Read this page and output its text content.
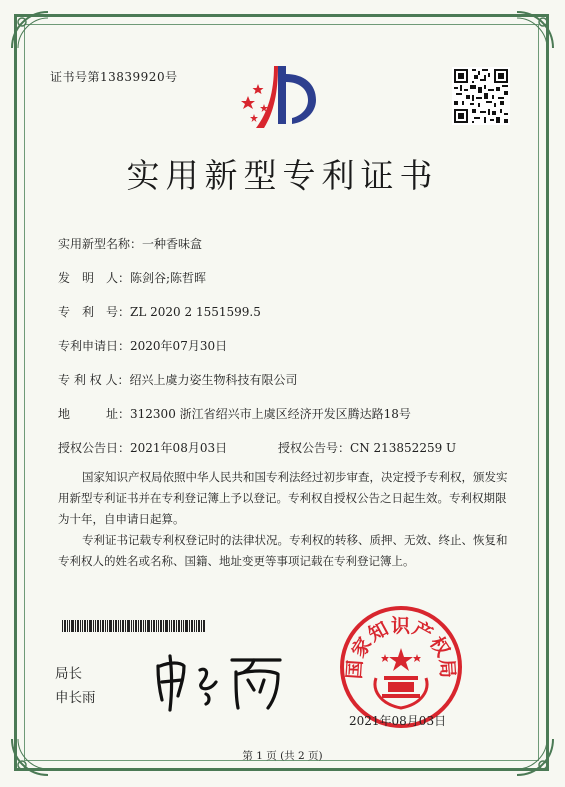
证书号第13839920号
实用新型专利证书
实用新型名称：一种香味盒
发　明　人：陈剑谷;陈哲晖
专　利　号：ZL 2020 2 1551599.5
专利申请日：2020年07月30日
专 利 权 人：绍兴上虞力姿生物科技有限公司
地　　　址：312300 浙江省绍兴市上虞区经济开发区腾达路18号
授权公告日：2021年08月03日	授权公告号：CN 213852259 U

国家知识产权局依照中华人民共和国专利法经过初步审查，决定授予专利权，颁发实用新型专利证书并在专利登记簿上予以登记。专利权自授权公告之日起生效。专利权期限为十年，自申请日起算。

专利证书记载专利权登记时的法律状况。专利权的转移、质押、无效、终止、恢复和专利权人的姓名或名称、国籍、地址变更等事项记载在专利登记簿上。

局长
申长雨
国家知识产权局
2021年08月03日
第 1 页 (共 2 页)
